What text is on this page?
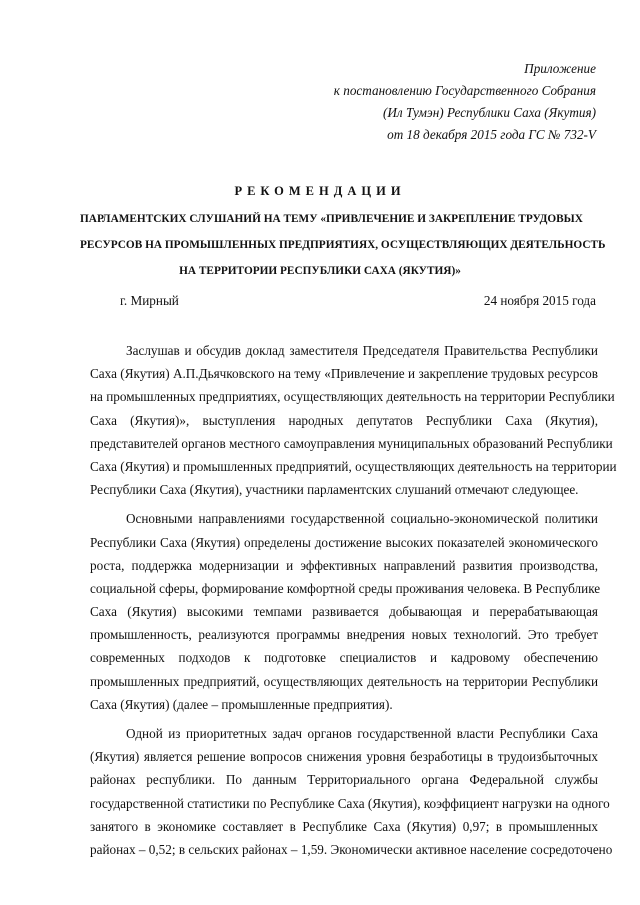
Приложение
к постановлению Государственного Собрания
(Ил Тумэн) Республики Саха (Якутия)
от 18 декабря 2015 года ГС № 732-V
РЕКОМЕНДАЦИИ
ПАРЛАМЕНТСКИХ СЛУШАНИЙ НА ТЕМУ «ПРИВЛЕЧЕНИЕ И ЗАКРЕПЛЕНИЕ ТРУДОВЫХ
РЕСУРСОВ НА ПРОМЫШЛЕННЫХ ПРЕДПРИЯТИЯХ, ОСУЩЕСТВЛЯЮЩИХ ДЕЯТЕЛЬНОСТЬ
НА ТЕРРИТОРИИ РЕСПУБЛИКИ САХА (ЯКУТИЯ)»
г. Мирный	24 ноября 2015 года

Заслушав и обсудив доклад заместителя Председателя Правительства Республики
Саха (Якутия) А.П.Дьячковского на тему «Привлечение и закрепление трудовых ресурсов
на промышленных предприятиях, осуществляющих деятельность на территории Республики
Саха (Якутия)», выступления народных депутатов Республики Саха (Якутия),
представителей органов местного самоуправления муниципальных образований Республики
Саха (Якутия) и промышленных предприятий, осуществляющих деятельность на территории
Республики Саха (Якутия), участники парламентских слушаний отмечают следующее.

Основными направлениями государственной социально-экономической политики
Республики Саха (Якутия) определены достижение высоких показателей экономического
роста, поддержка модернизации и эффективных направлений развития производства,
социальной сферы, формирование комфортной среды проживания человека. В Республике
Саха (Якутия) высокими темпами развивается добывающая и перерабатывающая
промышленность, реализуются программы внедрения новых технологий. Это требует
современных подходов к подготовке специалистов и кадровому обеспечению
промышленных предприятий, осуществляющих деятельность на территории Республики
Саха (Якутия) (далее – промышленные предприятия).

Одной из приоритетных задач органов государственной власти Республики Саха
(Якутия) является решение вопросов снижения уровня безработицы в трудоизбыточных
районах республики. По данным Территориального органа Федеральной службы
государственной статистики по Республике Саха (Якутия), коэффициент нагрузки на одного
занятого в экономике составляет в Республике Саха (Якутия) 0,97; в промышленных
районах – 0,52; в сельских районах – 1,59. Экономически активное население сосредоточено
